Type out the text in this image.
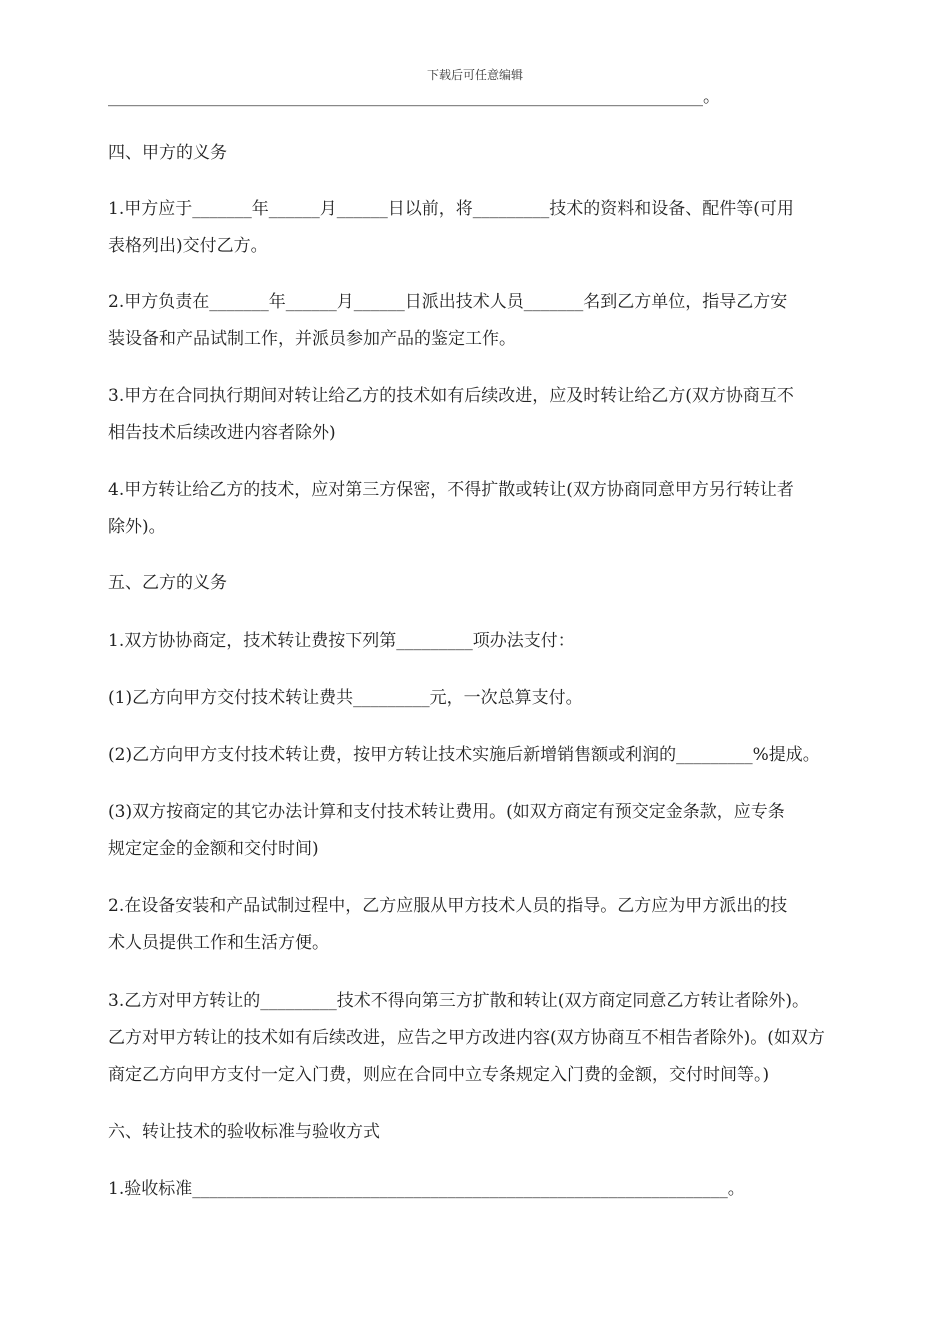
下载后可任意编辑
______________________________________________________________________。
四、甲方的义务
1.甲方应于_______年______月______日以前，将_________技术的资料和设备、配件等(可用
表格列出)交付乙方。
2.甲方负责在_______年______月______日派出技术人员_______名到乙方单位，指导乙方安
装设备和产品试制工作，并派员参加产品的鉴定工作。
3.甲方在合同执行期间对转让给乙方的技术如有后续改进，应及时转让给乙方(双方协商互不
相告技术后续改进内容者除外)
4.甲方转让给乙方的技术，应对第三方保密，不得扩散或转让(双方协商同意甲方另行转让者
除外)。
五、乙方的义务
1.双方协协商定，技术转让费按下列第_________项办法支付：
(1)乙方向甲方交付技术转让费共_________元，一次总算支付。
(2)乙方向甲方支付技术转让费，按甲方转让技术实施后新增销售额或利润的_________%提成。
(3)双方按商定的其它办法计算和支付技术转让费用。(如双方商定有预交定金条款，应专条
规定定金的金额和交付时间)
2.在设备安装和产品试制过程中，乙方应服从甲方技术人员的指导。乙方应为甲方派出的技
术人员提供工作和生活方便。
3.乙方对甲方转让的_________技术不得向第三方扩散和转让(双方商定同意乙方转让者除外)。
乙方对甲方转让的技术如有后续改进，应告之甲方改进内容(双方协商互不相告者除外)。(如双方
商定乙方向甲方支付一定入门费，则应在合同中立专条规定入门费的金额，交付时间等。)
六、转让技术的验收标准与验收方式
1.验收标准_______________________________________________________________。
